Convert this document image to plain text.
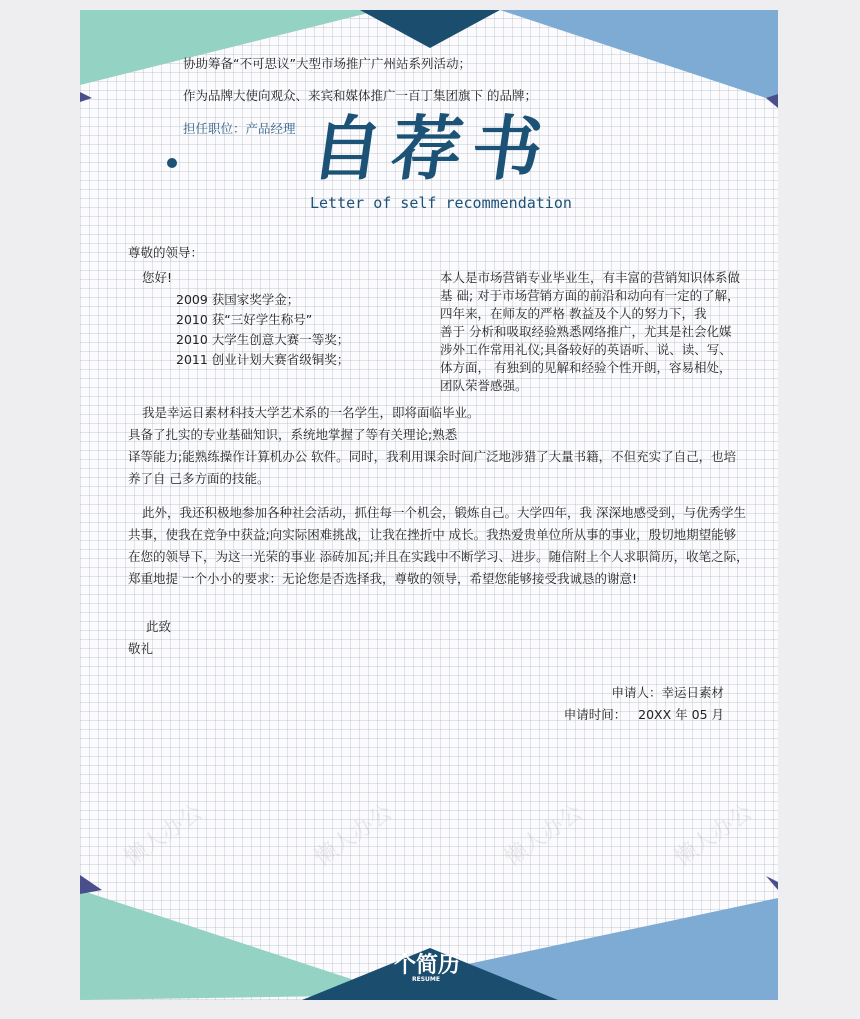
懒人办公	懒人办公	懒人办公	懒人办公
协助筹备“不可思议”大型市场推广广州站系列活动；
作为品牌大使向观众、来宾和媒体推广一百丁集团旗下 的品牌；
担任职位：产品经理 自荐书
Letter of self recommendation
尊敬的领导：
您好!
2009 获国家奖学金；
2010 获“三好学生称号”
2010 大学生创意大赛一等奖；
2011 创业计划大赛省级铜奖；
本人是市场营销专业毕业生，有丰富的营销知识体系做
基 础; 对于市场营销方面的前沿和动向有一定的了解，
四年来，在师友的严格 教益及个人的努力下，我
善于 分析和吸取经验熟悉网络推广，尤其是社会化媒
涉外工作常用礼仪;具备较好的英语听、说、读、写、
体方面， 有独到的见解和经验个性开朗，容易相处，
团队荣誉感强。
我是幸运日素材科技大学艺术系的一名学生，即将面临毕业。
具备了扎实的专业基础知识，系统地掌握了等有关理论;熟悉
译等能力;能熟练操作计算机办公 软件。同时，我利用课余时间广泛地涉猎了大量书籍，不但充实了自己，也培
养了自 己多方面的技能。
此外，我还积极地参加各种社会活动，抓住每一个机会，锻炼自己。大学四年，我 深深地感受到，与优秀学生
共事，使我在竞争中获益;向实际困难挑战，让我在挫折中 成长。我热爱贵单位所从事的事业，殷切地期望能够
在您的领导下，为这一光荣的事业 添砖加瓦;并且在实践中不断学习、进步。随信附上个人求职简历，收笔之际，
郑重地提 一个小小的要求：无论您是否选择我，尊敬的领导，希望您能够接受我诚恳的谢意!
此致
敬礼
申请人：幸运日素材
申请时间：   20XX 年 05 月
个简历
RESUME
